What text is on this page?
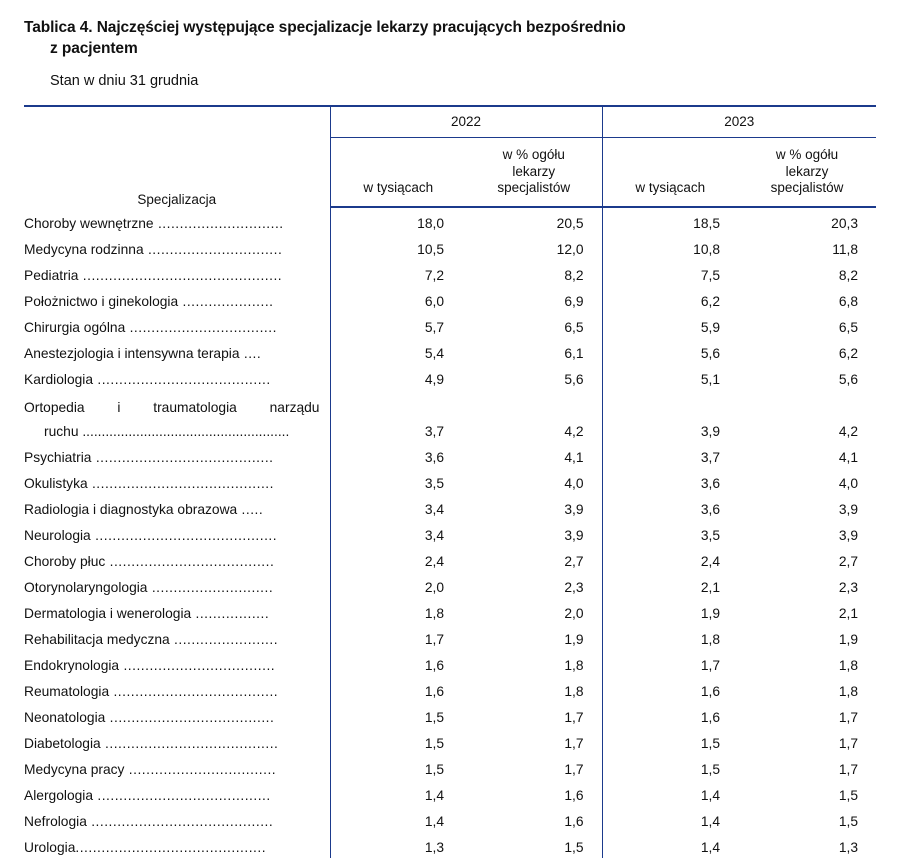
Tablica 4. Najczęściej występujące specjalizacje lekarzy pracujących bezpośrednio
z pacjentem
Stan w dniu 31 grudnia
Specjalizacja	2022		2023	
	w tysiącach	w % ogółu
lekarzy
specjalistów	w tysiącach	w % ogółu
lekarzy
specjalistów
Choroby wewnętrzne .............................	18,0	20,5	18,5	20,3
Medycyna rodzinna ...............................	10,5	12,0	10,8	11,8
Pediatria ..............................................	7,2	8,2	7,5	8,2
Położnictwo i ginekologia .....................	6,0	6,9	6,2	6,8
Chirurgia ogólna ..................................	5,7	6,5	5,9	6,5
Anestezjologia i intensywna terapia ....	5,4	6,1	5,6	6,2
Kardiologia ........................................	4,9	5,6	5,1	5,6

Ortopedia i traumatologia narządu				

ruchu ......................................................	3,7	4,2	3,9	4,2
Psychiatria .........................................	3,6	4,1	3,7	4,1
Okulistyka ..........................................	3,5	4,0	3,6	4,0
Radiologia i diagnostyka obrazowa .....	3,4	3,9	3,6	3,9
Neurologia ..........................................	3,4	3,9	3,5	3,9
Choroby płuc ......................................	2,4	2,7	2,4	2,7
Otorynolaryngologia ............................	2,0	2,3	2,1	2,3
Dermatologia i wenerologia .................	1,8	2,0	1,9	2,1
Rehabilitacja medyczna ........................	1,7	1,9	1,8	1,9
Endokrynologia ...................................	1,6	1,8	1,7	1,8
Reumatologia ......................................	1,6	1,8	1,6	1,8
Neonatologia ......................................	1,5	1,7	1,6	1,7
Diabetologia ........................................	1,5	1,7	1,5	1,7
Medycyna pracy ..................................	1,5	1,7	1,5	1,7
Alergologia ........................................	1,4	1,6	1,4	1,5
Nefrologia ..........................................	1,4	1,6	1,4	1,5
Urologia............................................	1,3	1,5	1,4	1,3
